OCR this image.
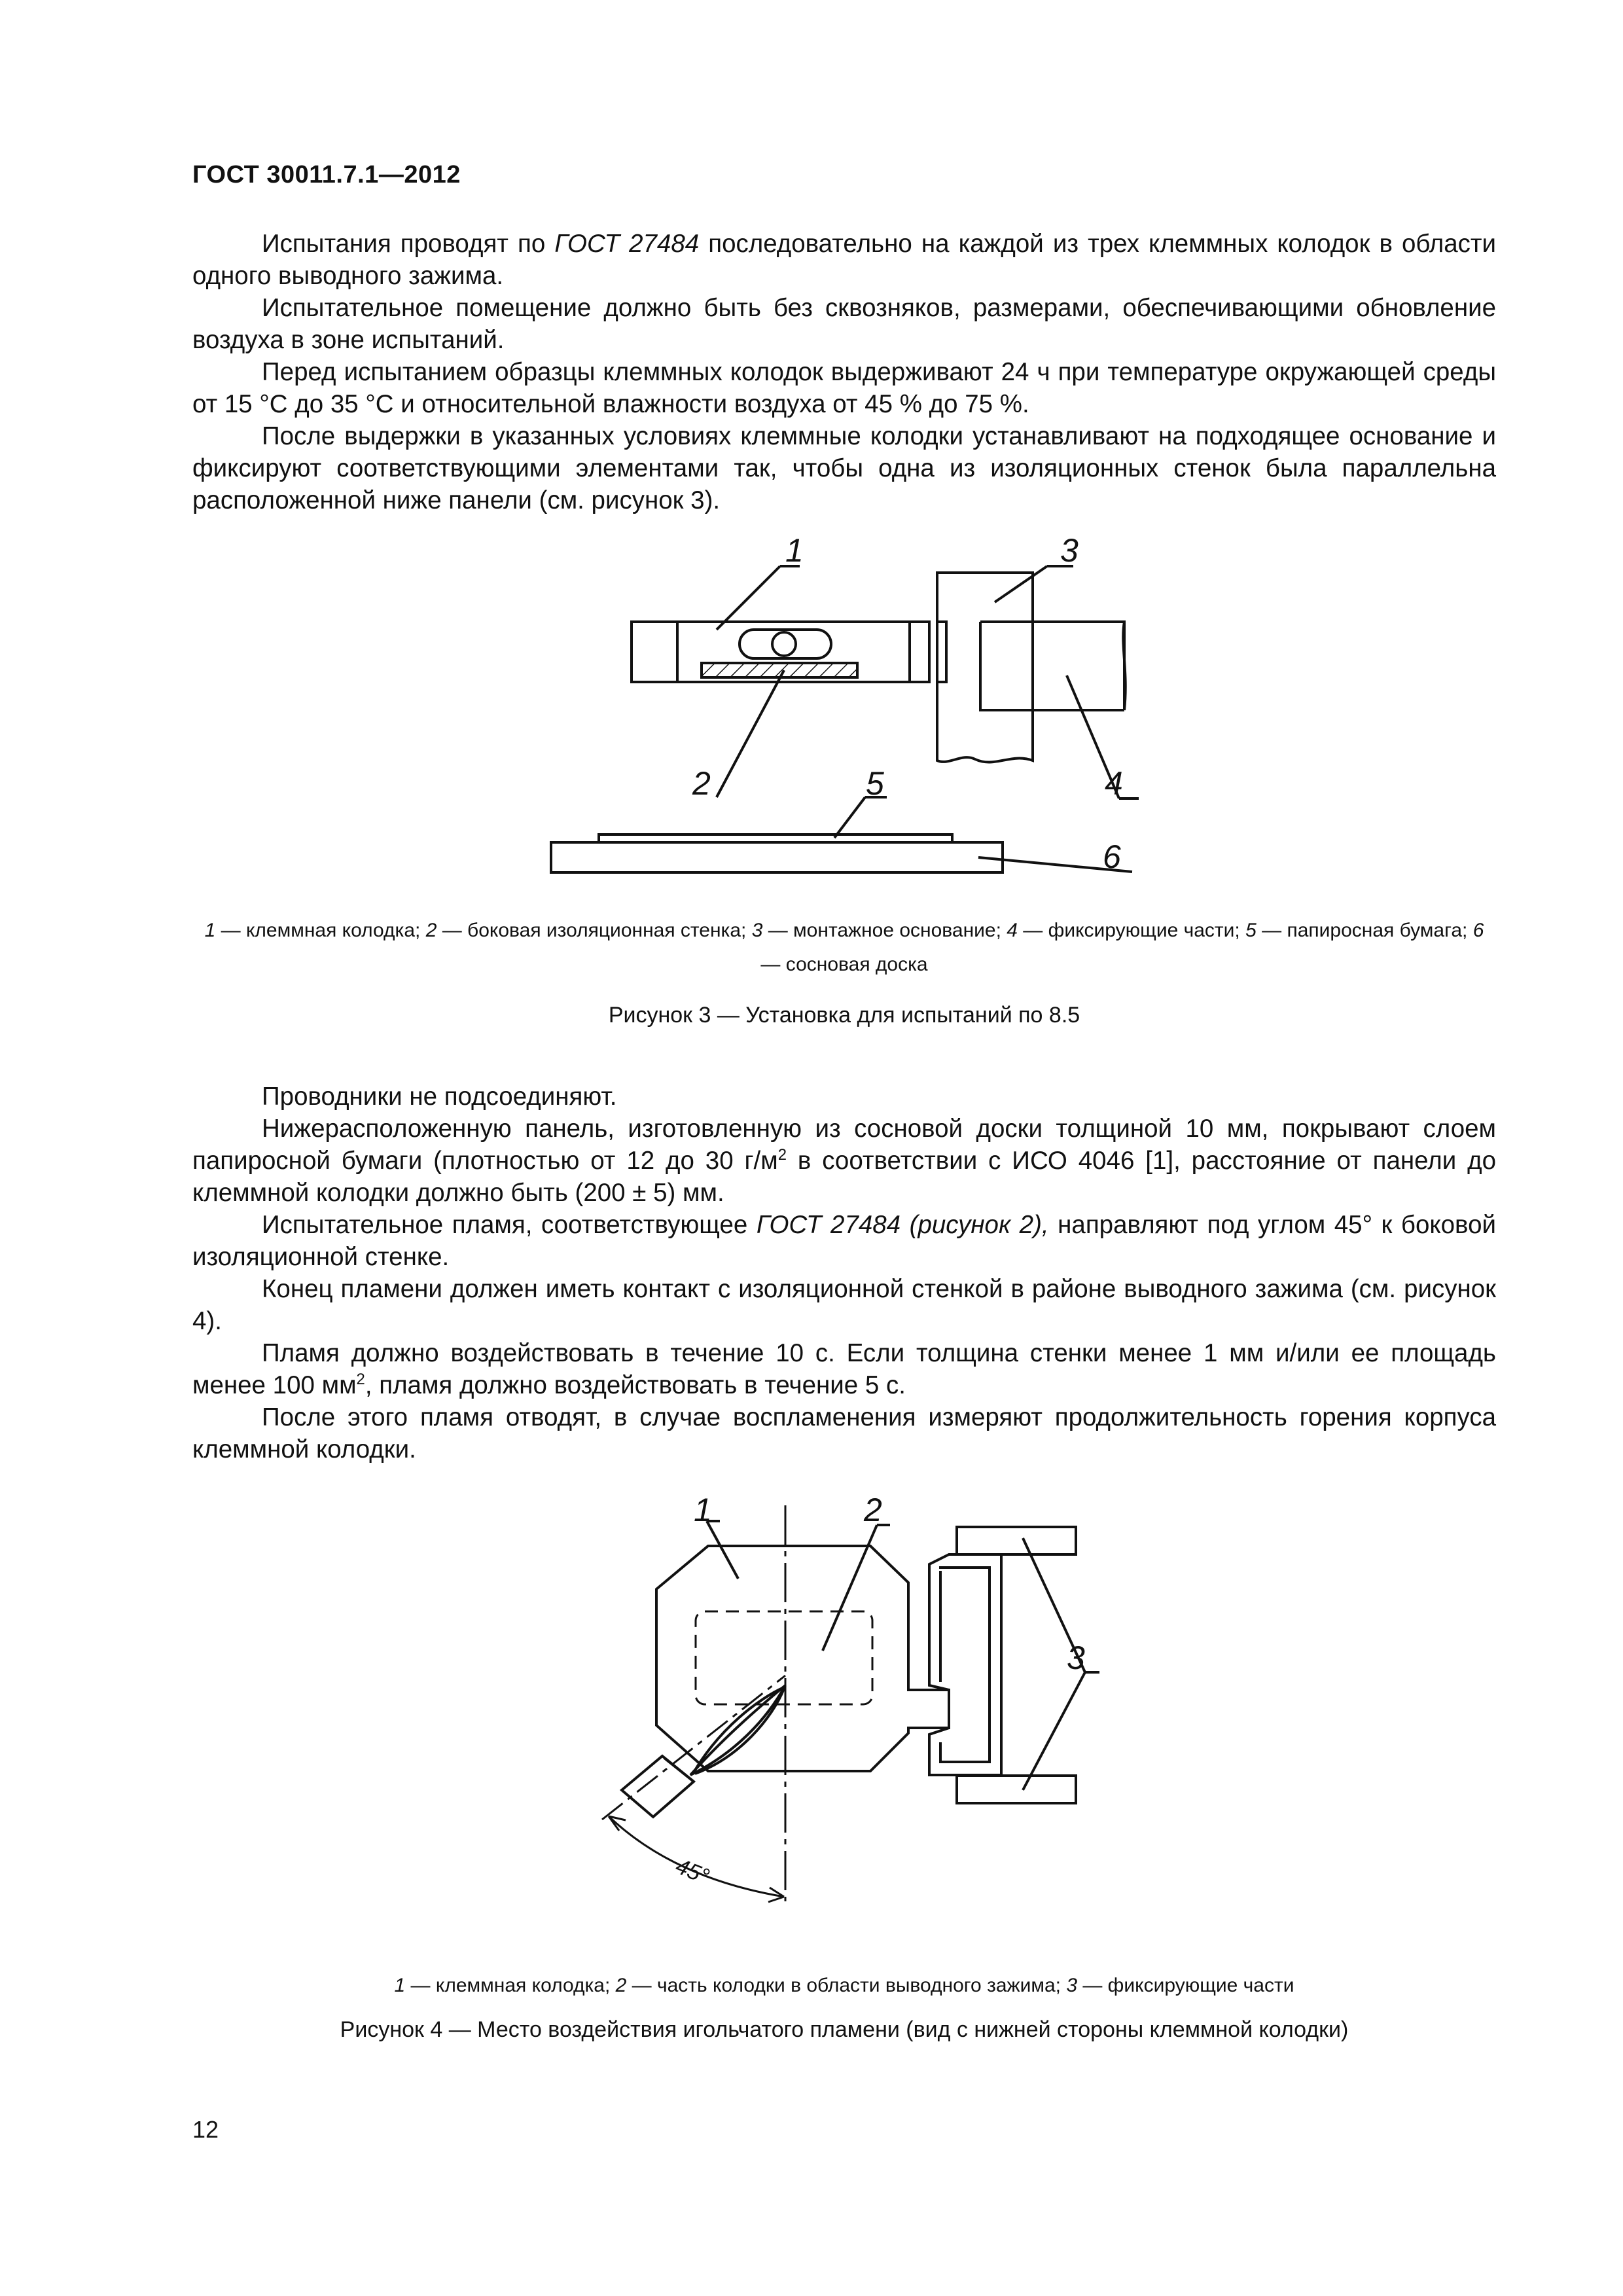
ГОСТ 30011.7.1—2012

Испытания проводят по ГОСТ 27484 последовательно на каждой из трех клеммных колодок в области одного выводного зажима.

Испытательное помещение должно быть без сквозняков, размерами, обеспечивающими обновление воздуха в зоне испытаний.

Перед испытанием образцы клеммных колодок выдерживают 24 ч при температуре окружающей среды от 15 °С до 35 °С и относительной влажности воздуха от 45 % до 75 %.

После выдержки в указанных условиях клеммные колодки устанавливают на подходящее основание и фиксируют соответствующими элементами так, чтобы одна из изоляционных стенок была параллельна расположенной ниже панели (см. рисунок 3).

1
2
3
4
5
6
1 — клеммная колодка; 2 — боковая изоляционная стенка; 3 — монтажное основание; 4 — фиксирующие части; 5 — папиросная бумага; 6 — сосновая доска
Рисунок 3 — Установка для испытаний по 8.5

Проводники не подсоединяют.

Нижерасположенную панель, изготовленную из сосновой доски толщиной 10 мм, покрывают слоем папиросной бумаги (плотностью от 12 до 30 $г/м^2$ в соответствии с ИСО 4046 [1], расстояние от панели до клеммной колодки должно быть (200 ± 5) мм.

Испытательное пламя, соответствующее ГОСТ 27484 (рисунок 2), направляют под углом 45° к боковой изоляционной стенке.

Конец пламени должен иметь контакт с изоляционной стенкой в районе выводного зажима (см. рисунок 4).

Пламя должно воздействовать в течение 10 с. Если толщина стенки менее 1 мм и/или ее площадь менее 100 $мм^2$, пламя должно воздействовать в течение 5 с.

После этого пламя отводят, в случае воспламенения измеряют продолжительность горения корпуса клеммной колодки.

1	2
3
45°
1 — клеммная колодка; 2 — часть колодки в области выводного зажима; 3 — фиксирующие части
Рисунок 4 — Место воздействия игольчатого пламени (вид с нижней стороны клеммной колодки)
12
